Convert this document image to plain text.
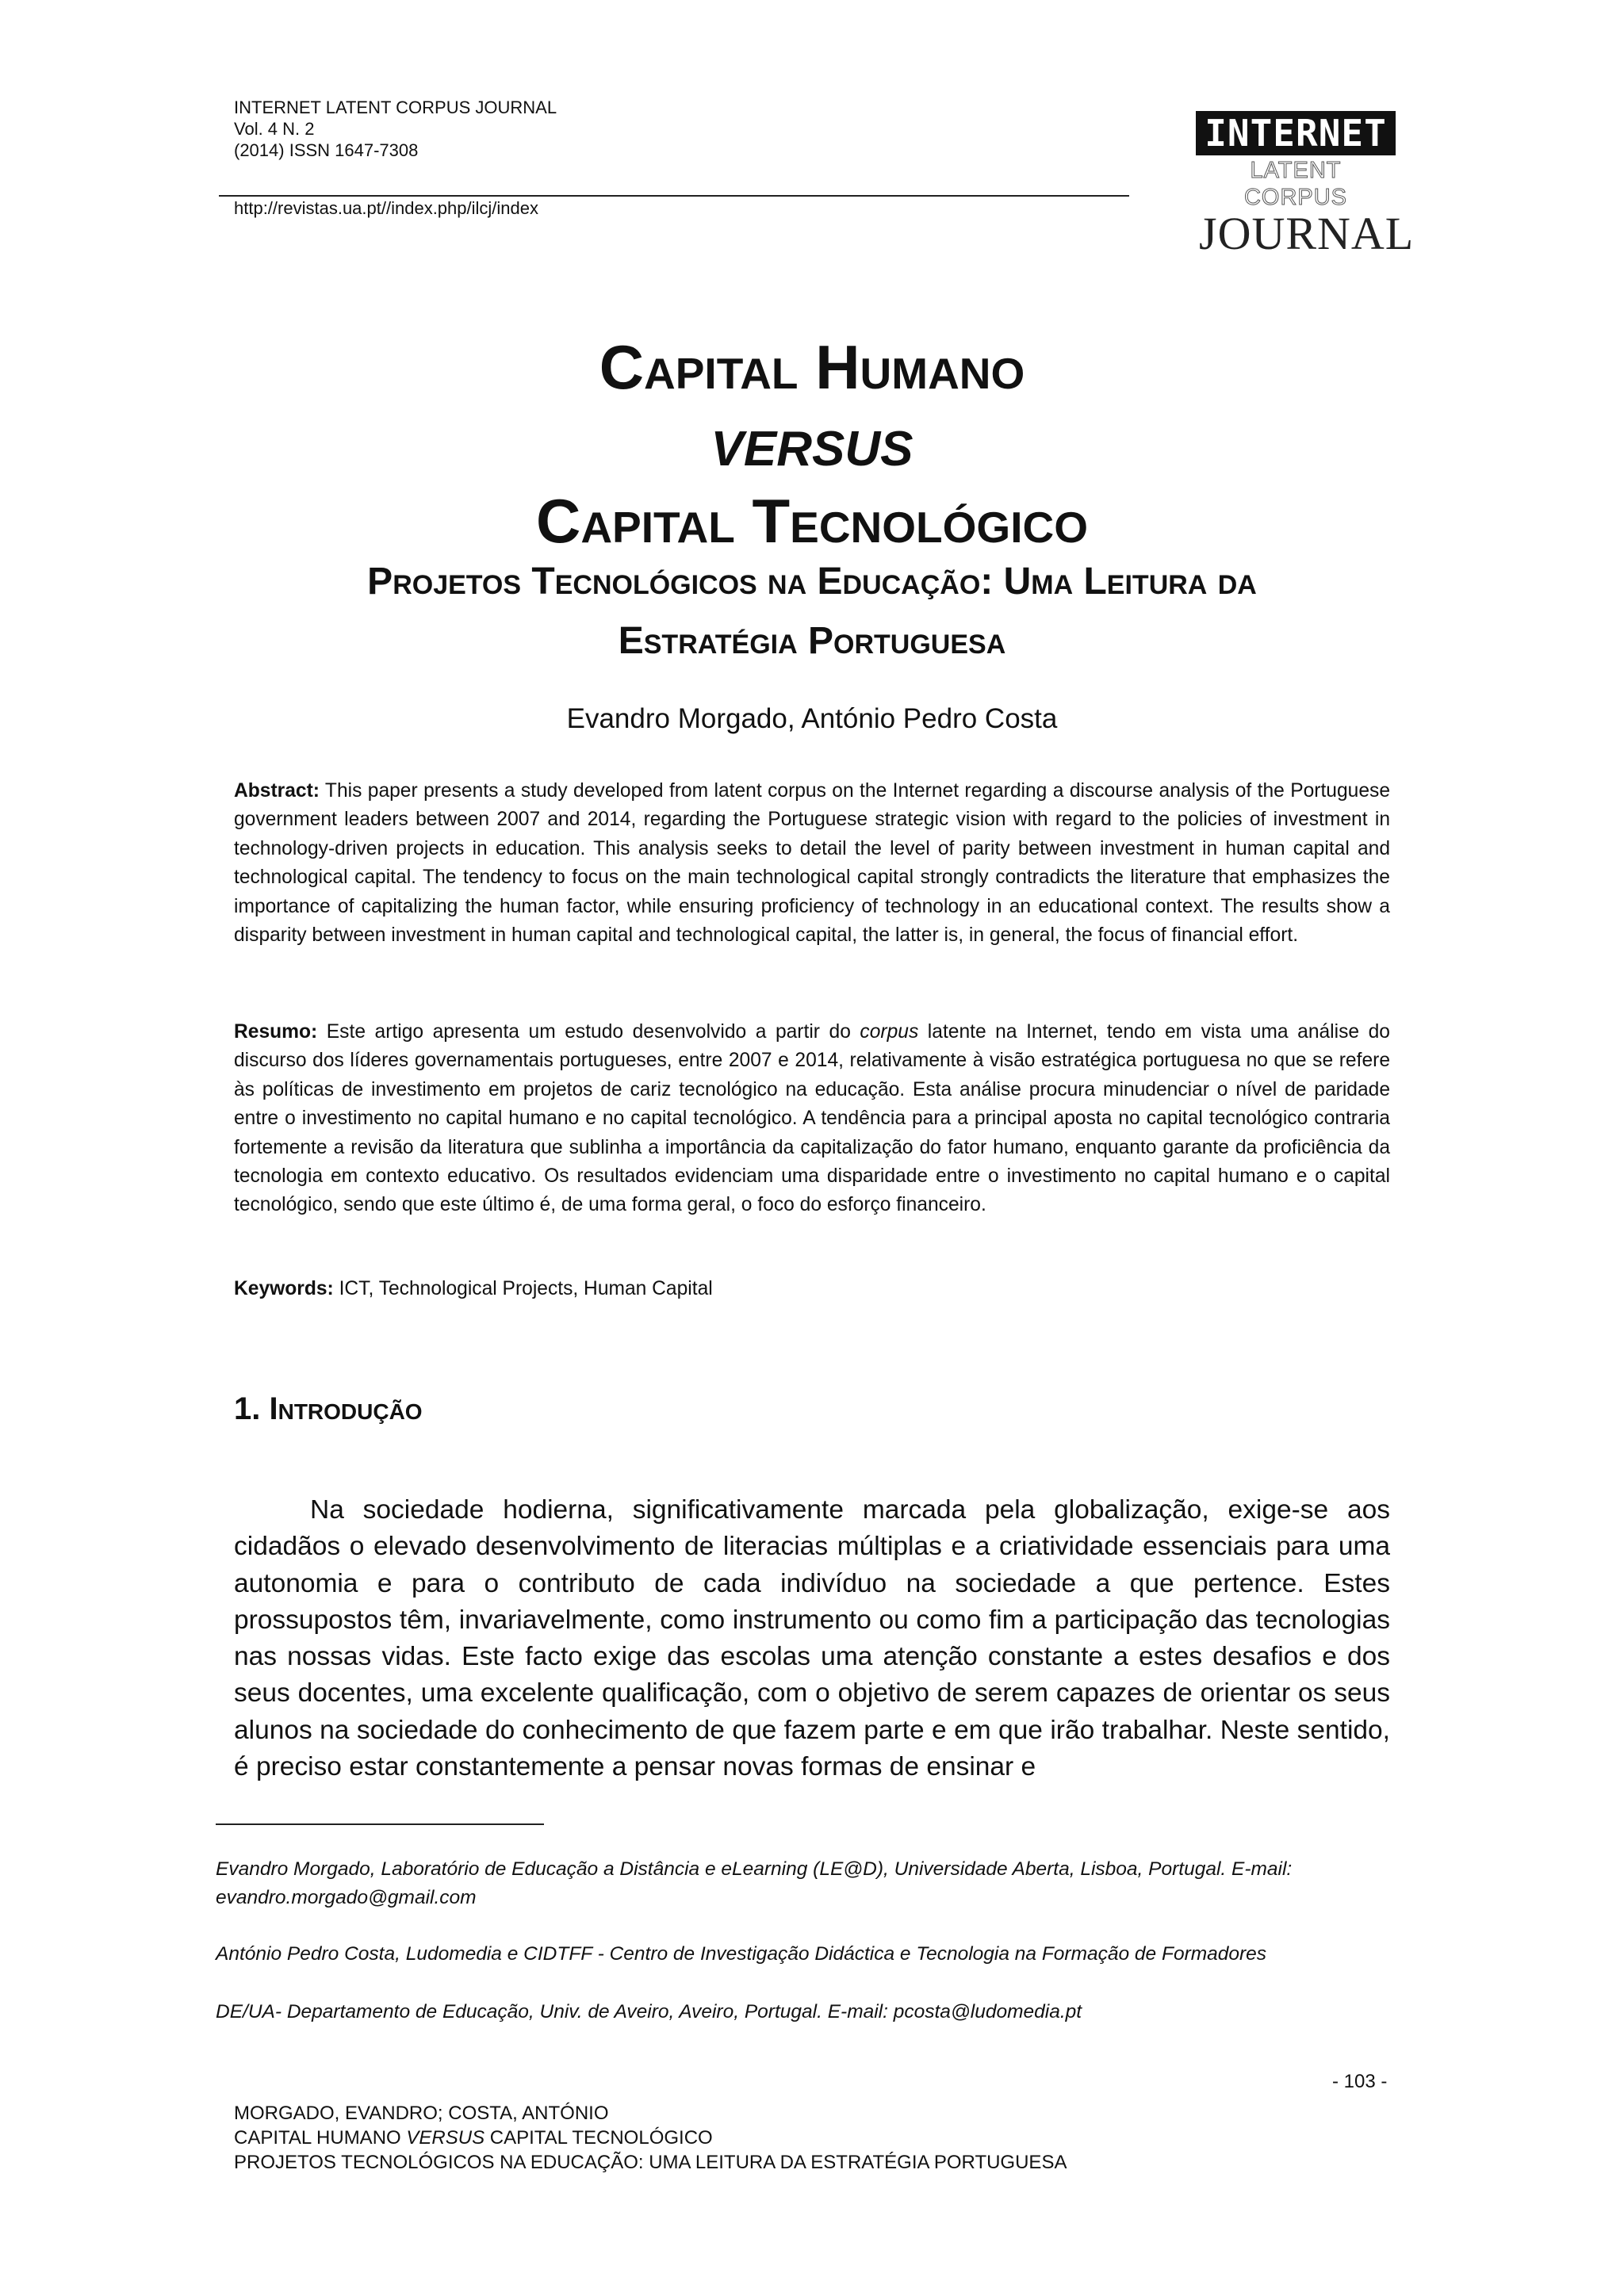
INTERNET LATENT CORPUS JOURNAL
Vol. 4 N. 2
(2014) ISSN 1647-7308
http://revistas.ua.pt//index.php/ilcj/index
INTERNET
LATENT CORPUS
JOURNAL
Capital Humano
VERSUS
Capital Tecnológico
Projetos Tecnológicos na Educação: Uma Leitura da
Estratégia Portuguesa
Evandro Morgado, António Pedro Costa
Abstract: This paper presents a study developed from latent corpus on the Internet regarding a discourse analysis of the Portuguese government leaders between 2007 and 2014, regarding the Portuguese strategic vision with regard to the policies of investment in technology-driven projects in education. This analysis seeks to detail the level of parity between investment in human capital and technological capital. The tendency to focus on the main technological capital strongly contradicts the literature that emphasizes the importance of capitalizing the human factor, while ensuring proficiency of technology in an educational context. The results show a disparity between investment in human capital and technological capital, the latter is, in general, the focus of financial effort.
Resumo: Este artigo apresenta um estudo desenvolvido a partir do corpus latente na Internet, tendo em vista uma análise do discurso dos líderes governamentais portugueses, entre 2007 e 2014, relativamente à visão estratégica portuguesa no que se refere às políticas de investimento em projetos de cariz tecnológico na educação. Esta análise procura minudenciar o nível de paridade entre o investimento no capital humano e no capital tecnológico. A tendência para a principal aposta no capital tecnológico contraria fortemente a revisão da literatura que sublinha a importância da capitalização do fator humano, enquanto garante da proficiência da tecnologia em contexto educativo. Os resultados evidenciam uma disparidade entre o investimento no capital humano e o capital tecnológico, sendo que este último é, de uma forma geral, o foco do esforço financeiro.
Keywords: ICT, Technological Projects, Human Capital
1. Introdução
Na sociedade hodierna, significativamente marcada pela globalização, exige-se aos cidadãos o elevado desenvolvimento de literacias múltiplas e a criatividade essenciais para uma autonomia e para o contributo de cada indivíduo na sociedade a que pertence. Estes prossupostos têm, invariavelmente, como instrumento ou como fim a participação das tecnologias nas nossas vidas. Este facto exige das escolas uma atenção constante a estes desafios e dos seus docentes, uma excelente qualificação, com o objetivo de serem capazes de orientar os seus alunos na sociedade do conhecimento de que fazem parte e em que irão trabalhar. Neste sentido, é preciso estar constantemente a pensar novas formas de ensinar e
Evandro Morgado, Laboratório de Educação a Distância e eLearning (LE@D), Universidade Aberta, Lisboa, Portugal. E-mail: evandro.morgado@gmail.com
António Pedro Costa, Ludomedia e CIDTFF - Centro de Investigação Didáctica e Tecnologia na Formação de Formadores
DE/UA- Departamento de Educação, Univ. de Aveiro, Aveiro, Portugal. E-mail: pcosta@ludomedia.pt
- 103 -
MORGADO, EVANDRO; COSTA, ANTÓNIO
CAPITAL HUMANO VERSUS CAPITAL TECNOLÓGICO
PROJETOS TECNOLÓGICOS NA EDUCAÇÃO: UMA LEITURA DA ESTRATÉGIA PORTUGUESA
